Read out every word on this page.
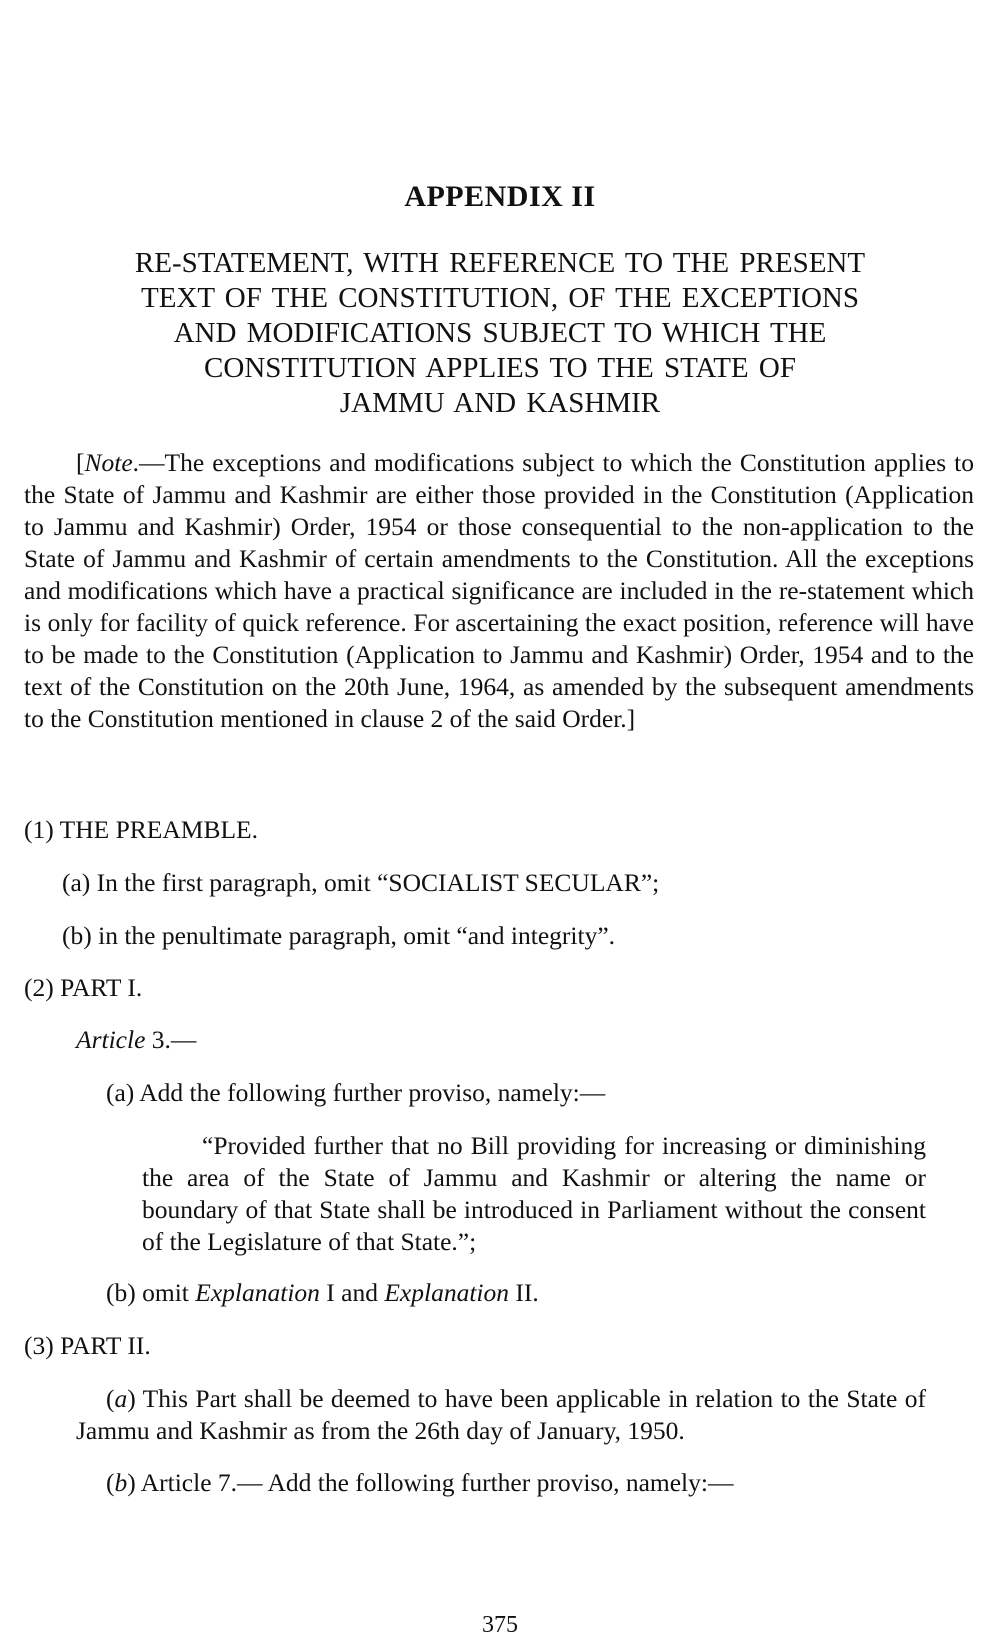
APPENDIX II
RE-STATEMENT, WITH REFERENCE TO THE PRESENT
TEXT OF THE CONSTITUTION, OF THE EXCEPTIONS
AND MODIFICATIONS SUBJECT TO WHICH THE
CONSTITUTION APPLIES TO THE STATE OF
JAMMU AND KASHMIR
[Note.—The exceptions and modifications subject to which the Constitution applies to the State of Jammu and Kashmir are either those provided in the Constitution (Application to Jammu and Kashmir) Order, 1954 or those consequential to the non-application to the State of Jammu and Kashmir of certain amendments to the Constitution. All the exceptions and modifications which have a practical significance are included in the re-statement which is only for facility of quick reference. For ascertaining the exact position, reference will have to be made to the Constitution (Application to Jammu and Kashmir) Order, 1954 and to the text of the Constitution on the 20th June, 1964, as amended by the subsequent amendments to the Constitution mentioned in clause 2 of the said Order.]
(1) THE PREAMBLE.
(a) In the first paragraph, omit “SOCIALIST SECULAR”;
(b) in the penultimate paragraph, omit “and integrity”.
(2) PART I.
Article 3.—
(a) Add the following further proviso, namely:—
“Provided further that no Bill providing for increasing or diminishing the area of the State of Jammu and Kashmir or altering the name or boundary of that State shall be introduced in Parliament without the consent of the Legislature of that State.”;
(b) omit Explanation I and Explanation II.
(3) PART II.
(a) This Part shall be deemed to have been applicable in relation to the State of Jammu and Kashmir as from the 26th day of January, 1950.
(b) Article 7.— Add the following further proviso, namely:—
375
